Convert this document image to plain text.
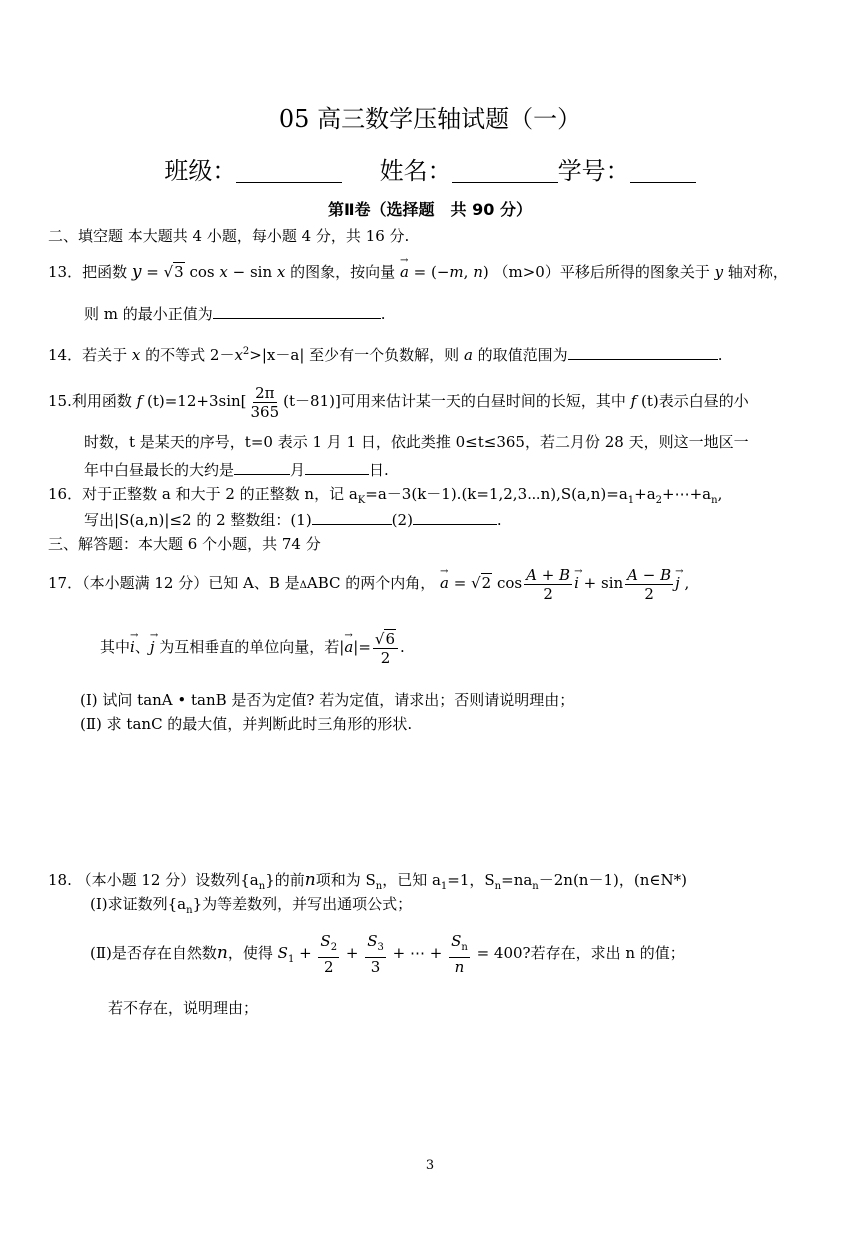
05 高三数学压轴试题（一）
班级：	姓名：	学号：
第Ⅱ卷（选择题　共 90 分）
二、填空题 本大题共 4 小题，每小题 4 分，共 16 分.
13．把函数 y = √3 cos x − sin x 的图象，按向量 → a = (−m, n) （m>0）平移后所得的图象关于 y 轴对称，
则 m 的最小正值为	.
14．若关于 x 的不等式 $2-x^2>|x-a|$ 至少有一个负数解，则 a 的取值范围为	.
15.利用函数 f $(t)=12+3\sin[ \frac{2\pi}{365} (t-81)]$可用来估计某一天的白昼时间的长短，其中 f (t)表示白昼的小
时数，t 是某天的序号，t=0 表示 1 月 1 日，依此类推 0≤t≤365，若二月份 28 天，则这一地区一
年中白昼最长的大约是	月	日.
16．对于正整数 a 和大于 2 的正整数 n，记 $a_K=a-3(k-1).(k=1,2,3\cdots n),S(a,n)=a_1+a_2+\cdots+a_n$,
写出|S(a,n)|≤2 的 2 整数组：(1)	(2)	.
三、解答题：本大题 6 个小题，共 74 分
17．（本小题满 12 分）已知 A、B 是ΔABC 的两个内角， → a = √2 $\cos \frac{A + B}{2}$
→ $i + \sin \frac{A - B}{2}$
→ j ,
其中→ i、→ j 为互相垂直的单位向量，若|→ $a|= \frac{√6}{2}$ .
(Ⅰ) 试问 tanA • tanB 是否为定值? 若为定值，请求出；否则请说明理由；
(Ⅱ) 求 tanC 的最大值，并判断此时三角形的形状.
18. （本小题 12 分）设数列$\{a_n\}$的前n项和为 $S_n$，已知 $a_1=1$，$S_n=na_n-2n(n-1)$，(n∈N*)
(Ⅰ)求证数列$\{a_n\}$为等差数列，并写出通项公式；
(Ⅱ)是否存在自然数n，使得 $S_1 + \frac{S_2}{2} + \frac{S_3}{3}$ + ⋯ + $\frac{S_n}{n} = 400$?若存在，求出 n 的值；
若不存在，说明理由；
3
